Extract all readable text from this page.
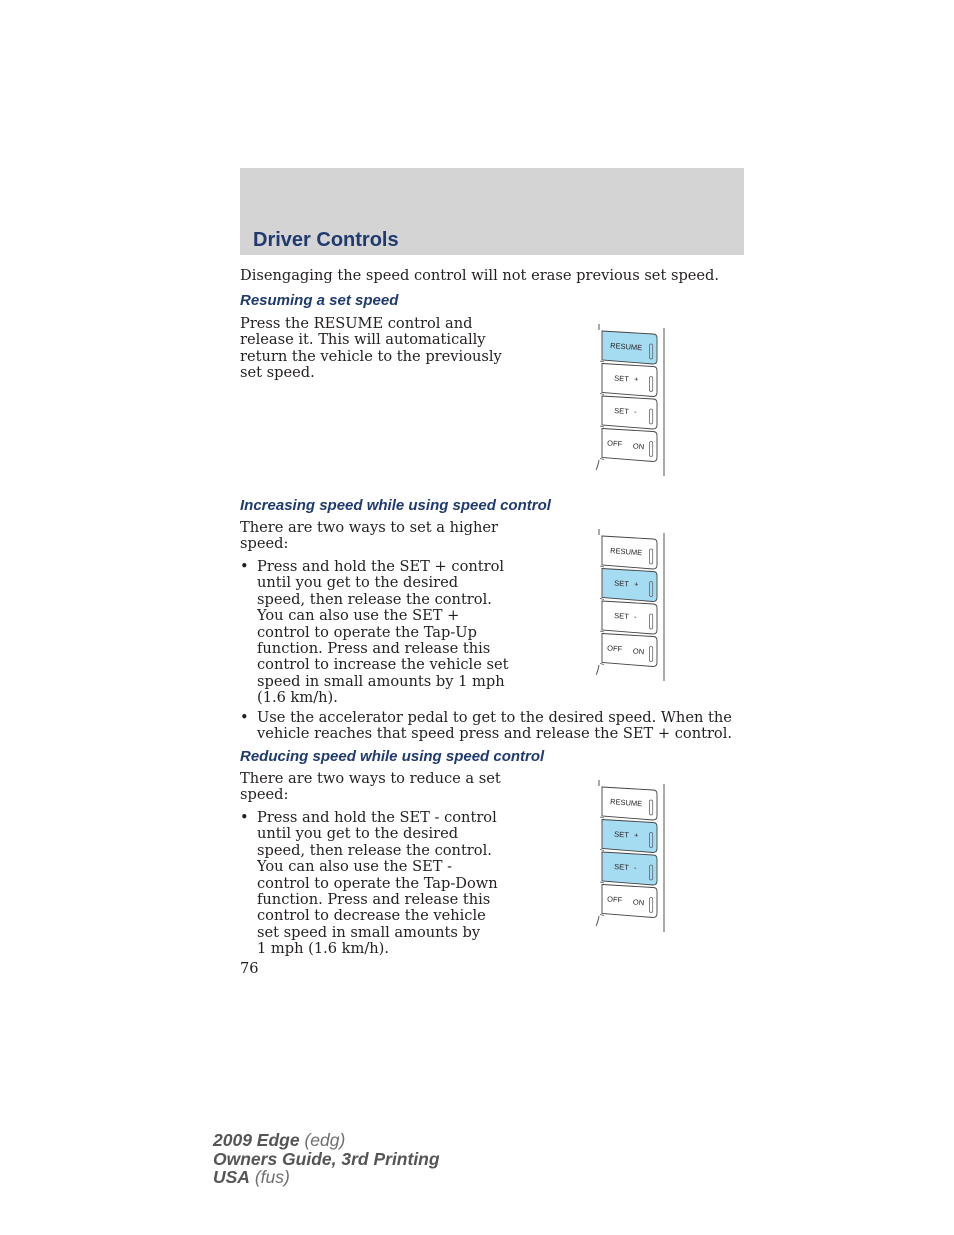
Driver Controls

Disengaging the speed control will not erase previous set speed.

Resuming a set speed
Press the RESUME control and
release it. This will automatically
return the vehicle to the previously
set speed.
RESUME
SET +
SET -
OFF ON
Increasing speed while using speed control
There are two ways to set a higher
speed:
• Press and hold the SET + control
until you get to the desired
speed, then release the control.
You can also use the SET +
control to operate the Tap-Up
function. Press and release this
control to increase the vehicle set
speed in small amounts by 1 mph
(1.6 km/h).
• Use the accelerator pedal to get to the desired speed. When the
vehicle reaches that speed press and release the SET + control.
RESUME
SET +
SET -
OFF ON
Reducing speed while using speed control
There are two ways to reduce a set
speed:
• Press and hold the SET - control
until you get to the desired
speed, then release the control.
You can also use the SET -
control to operate the Tap-Down
function. Press and release this
control to decrease the vehicle
set speed in small amounts by
1 mph (1.6 km/h).
RESUME
SET +
SET -
OFF ON
76
2009 Edge (edg)
Owners Guide, 3rd Printing
USA (fus)
